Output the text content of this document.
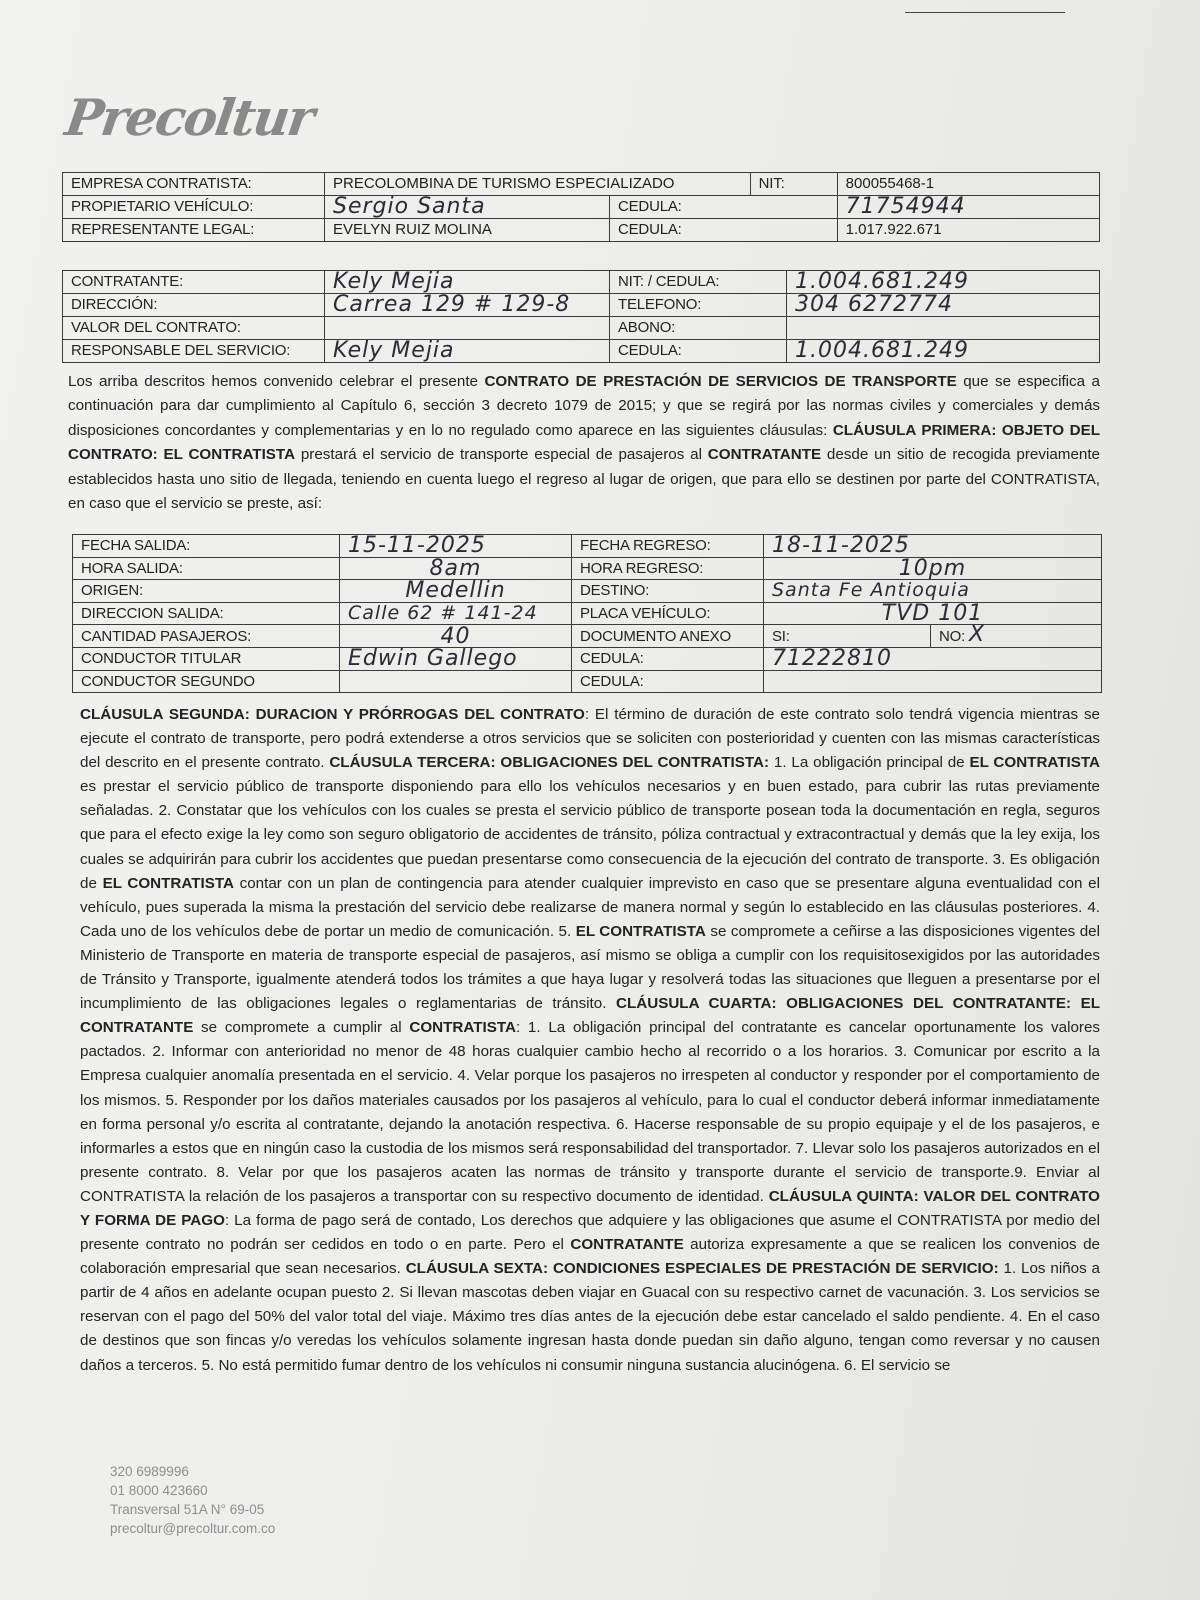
Precoltur
EMPRESA CONTRATISTA:	PRECOLOMBINA DE TURISMO ESPECIALIZADO		NIT:	800055468-1
PROPIETARIO VEHÍCULO:	Sergio Santa	CEDULA:		71754944
REPRESENTANTE LEGAL:	EVELYN RUIZ MOLINA	CEDULA:		1.017.922.671
CONTRATANTE:	Kely Mejia	NIT: / CEDULA:	1.004.681.249
DIRECCIÓN:	Carrea 129 # 129-8	TELEFONO:	304 6272774
VALOR DEL CONTRATO:		ABONO:	
RESPONSABLE DEL SERVICIO:	Kely Mejia	CEDULA:	1.004.681.249
Los arriba descritos hemos convenido celebrar el presente CONTRATO DE PRESTACIÓN DE SERVICIOS DE TRANSPORTE que se especifica a continuación para dar cumplimiento al Capítulo 6, sección 3 decreto 1079 de 2015; y que se regirá por las normas civiles y comerciales y demás disposiciones concordantes y complementarias y en lo no regulado como aparece en las siguientes cláusulas: CLÁUSULA PRIMERA: OBJETO DEL CONTRATO: EL CONTRATISTA prestará el servicio de transporte especial de pasajeros al CONTRATANTE desde un sitio de recogida previamente establecidos hasta uno sitio de llegada, teniendo en cuenta luego el regreso al lugar de origen, que para ello se destinen por parte del CONTRATISTA, en caso que el servicio se preste, así:
FECHA SALIDA:	15-11-2025	FECHA REGRESO:	18-11-2025	
HORA SALIDA:	8am	HORA REGRESO:	10pm	
ORIGEN:	Medellin	DESTINO:	Santa Fe Antioquia	
DIRECCION SALIDA:	Calle 62 # 141-24	PLACA VEHÍCULO:	TVD 101	
CANTIDAD PASAJEROS:	40	DOCUMENTO ANEXO	SI:	NO: X
CONDUCTOR TITULAR	Edwin Gallego	CEDULA:	71222810	
CONDUCTOR SEGUNDO		CEDULA:		
CLÁUSULA SEGUNDA: DURACION Y PRÓRROGAS DEL CONTRATO: El término de duración de este contrato solo tendrá vigencia mientras se ejecute el contrato de transporte, pero podrá extenderse a otros servicios que se soliciten con posterioridad y cuenten con las mismas características del descrito en el presente contrato. CLÁUSULA TERCERA: OBLIGACIONES DEL CONTRATISTA: 1. La obligación principal de EL CONTRATISTA es prestar el servicio público de transporte disponiendo para ello los vehículos necesarios y en buen estado, para cubrir las rutas previamente señaladas. 2. Constatar que los vehículos con los cuales se presta el servicio público de transporte posean toda la documentación en regla, seguros que para el efecto exige la ley como son seguro obligatorio de accidentes de tránsito, póliza contractual y extracontractual y demás que la ley exija, los cuales se adquirirán para cubrir los accidentes que puedan presentarse como consecuencia de la ejecución del contrato de transporte. 3. Es obligación de EL CONTRATISTA contar con un plan de contingencia para atender cualquier imprevisto en caso que se presentare alguna eventualidad con el vehículo, pues superada la misma la prestación del servicio debe realizarse de manera normal y según lo establecido en las cláusulas posteriores. 4. Cada uno de los vehículos debe de portar un medio de comunicación. 5. EL CONTRATISTA se compromete a ceñirse a las disposiciones vigentes del Ministerio de Transporte en materia de transporte especial de pasajeros, así mismo se obliga a cumplir con los requisitosexigidos por las autoridades de Tránsito y Transporte, igualmente atenderá todos los trámites a que haya lugar y resolverá todas las situaciones que lleguen a presentarse por el incumplimiento de las obligaciones legales o reglamentarias de tránsito. CLÁUSULA CUARTA: OBLIGACIONES DEL CONTRATANTE: EL CONTRATANTE se compromete a cumplir al CONTRATISTA: 1. La obligación principal del contratante es cancelar oportunamente los valores pactados. 2. Informar con anterioridad no menor de 48 horas cualquier cambio hecho al recorrido o a los horarios. 3. Comunicar por escrito a la Empresa cualquier anomalía presentada en el servicio. 4. Velar porque los pasajeros no irrespeten al conductor y responder por el comportamiento de los mismos. 5. Responder por los daños materiales causados por los pasajeros al vehículo, para lo cual el conductor deberá informar inmediatamente en forma personal y/o escrita al contratante, dejando la anotación respectiva. 6. Hacerse responsable de su propio equipaje y el de los pasajeros, e informarles a estos que en ningún caso la custodia de los mismos será responsabilidad del transportador. 7. Llevar solo los pasajeros autorizados en el presente contrato. 8. Velar por que los pasajeros acaten las normas de tránsito y transporte durante el servicio de transporte.9. Enviar al CONTRATISTA la relación de los pasajeros a transportar con su respectivo documento de identidad. CLÁUSULA QUINTA: VALOR DEL CONTRATO Y FORMA DE PAGO: La forma de pago será de contado, Los derechos que adquiere y las obligaciones que asume el CONTRATISTA por medio del presente contrato no podrán ser cedidos en todo o en parte. Pero el CONTRATANTE autoriza expresamente a que se realicen los convenios de colaboración empresarial que sean necesarios. CLÁUSULA SEXTA: CONDICIONES ESPECIALES DE PRESTACIÓN DE SERVICIO: 1. Los niños a partir de 4 años en adelante ocupan puesto 2. Si llevan mascotas deben viajar en Guacal con su respectivo carnet de vacunación. 3. Los servicios se reservan con el pago del 50% del valor total del viaje. Máximo tres días antes de la ejecución debe estar cancelado el saldo pendiente. 4. En el caso de destinos que son fincas y/o veredas los vehículos solamente ingresan hasta donde puedan sin daño alguno, tengan como reversar y no causen daños a terceros. 5. No está permitido fumar dentro de los vehículos ni consumir ninguna sustancia alucinógena. 6. El servicio se
320 6989996
01 8000 423660
Transversal 51A N° 69-05
precoltur@precoltur.com.co
